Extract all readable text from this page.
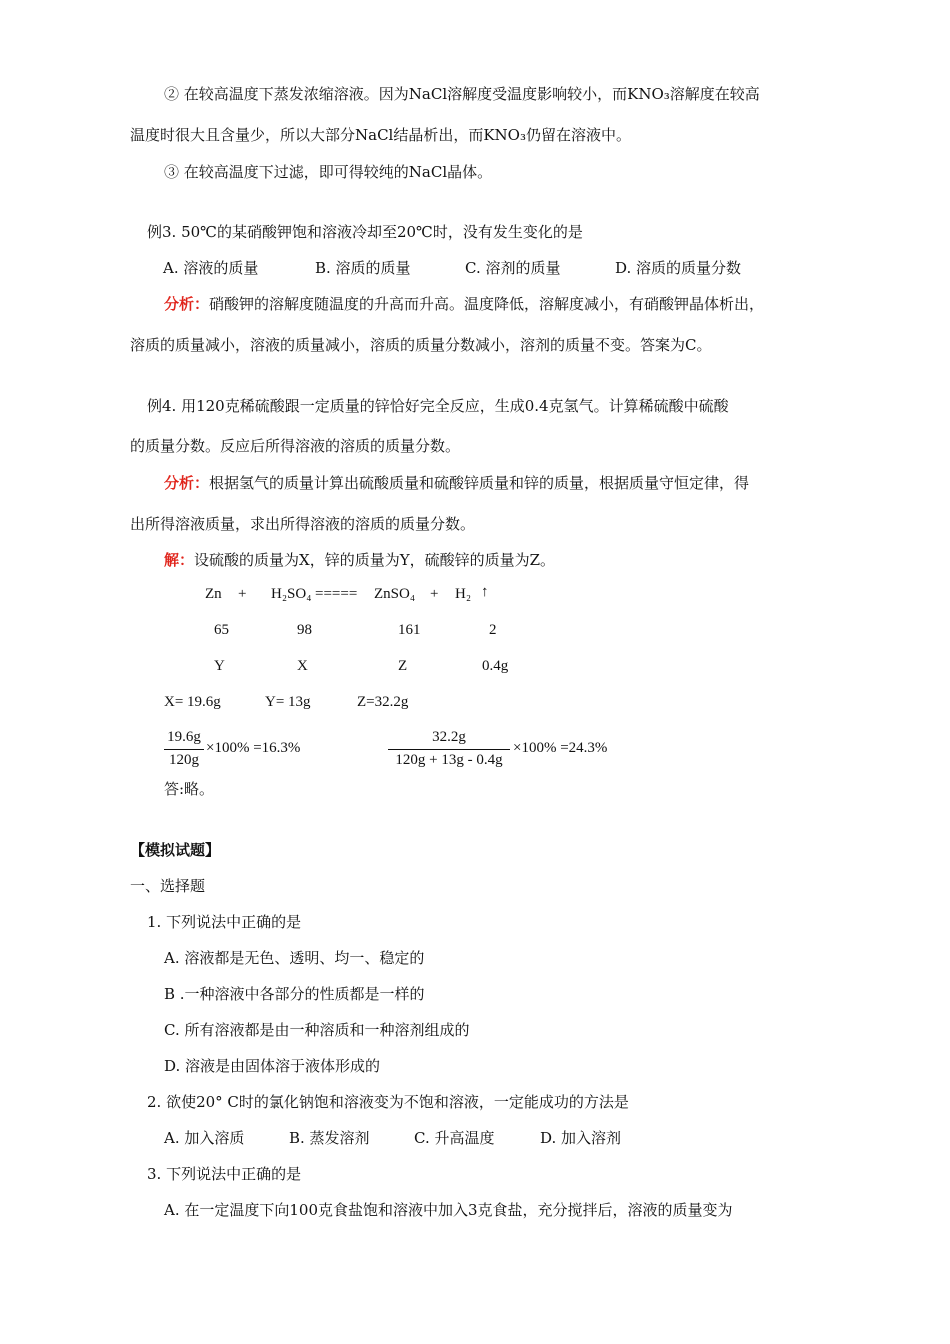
② 在较高温度下蒸发浓缩溶液。因为NaCl溶解度受温度影响较小，而KNO₃溶解度在较高
温度时很大且含量少，所以大部分NaCl结晶析出，而KNO₃仍留在溶液中。
③ 在较高温度下过滤，即可得较纯的NaCl晶体。
例3. 50℃的某硝酸钾饱和溶液冷却至20℃时，没有发生变化的是
A. 溶液的质量	B. 溶质的质量	C. 溶剂的质量	D. 溶质的质量分数
分析：硝酸钾的溶解度随温度的升高而升高。温度降低，溶解度减小，有硝酸钾晶体析出，
溶质的质量减小，溶液的质量减小，溶质的质量分数减小，溶剂的质量不变。答案为C。
例4. 用120克稀硫酸跟一定质量的锌恰好完全反应，生成0.4克氢气。计算稀硫酸中硫酸
的质量分数。反应后所得溶液的溶质的质量分数。
分析：根据氢气的质量计算出硫酸质量和硫酸锌质量和锌的质量，根据质量守恒定律，得
出所得溶液质量，求出所得溶液的溶质的质量分数。
解：设硫酸的质量为X，锌的质量为Y，硫酸锌的质量为Z。
Zn + H₂SO₄ ===== ZnSO₄ + H₂ ↑
65	98	161	2
Y	X	Z	0.4g
X= 19.6g	Y= 13g	Z=32.2g
19.6g
120g
×100% =16.3%
32.2g
120g + 13g - 0.4g
×100% =24.3%
答:略。
【模拟试题】
一、选择题
1. 下列说法中正确的是
A. 溶液都是无色、透明、均一、稳定的
B .一种溶液中各部分的性质都是一样的
C. 所有溶液都是由一种溶质和一种溶剂组成的
D. 溶液是由固体溶于液体形成的
2. 欲使20° C时的氯化钠饱和溶液变为不饱和溶液，一定能成功的方法是
A. 加入溶质	B. 蒸发溶剂	C. 升高温度	D. 加入溶剂
3. 下列说法中正确的是
A. 在一定温度下向100克食盐饱和溶液中加入3克食盐，充分搅拌后，溶液的质量变为
